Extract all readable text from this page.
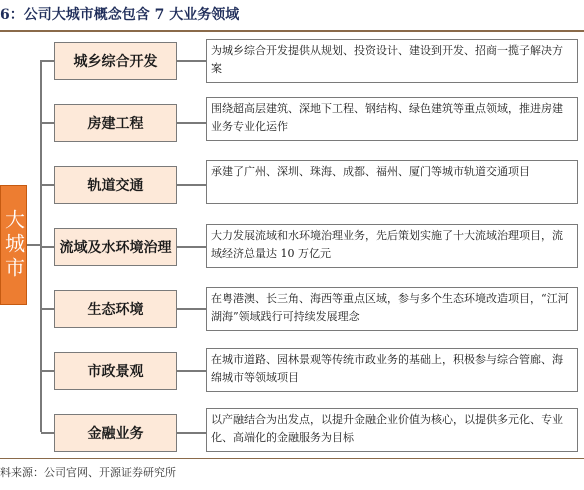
6：公司大城市概念包含 7 大业务领域
大城市
城乡综合开发
为城乡综合开发提供从规划、投资设计、建设到开发、招商一揽子解决方案
房建工程
围绕超高层建筑、深地下工程、钢结构、绿色建筑等重点领域，推进房建业务专业化运作
轨道交通
承建了广州、深圳、珠海、成都、福州、厦门等城市轨道交通项目
流域及水环境治理
大力发展流域和水环境治理业务，先后策划实施了十大流域治理项目，流域经济总量达 10 万亿元
生态环境
在粤港澳、长三角、海西等重点区域，参与多个生态环境改造项目，“江河湖海”领域践行可持续发展理念
市政景观
在城市道路、园林景观等传统市政业务的基础上，积极参与综合管廊、海绵城市等领域项目
金融业务
以产融结合为出发点，以提升金融企业价值为核心，以提供多元化、专业化、高端化的金融服务为目标
料来源：公司官网、开源证券研究所
